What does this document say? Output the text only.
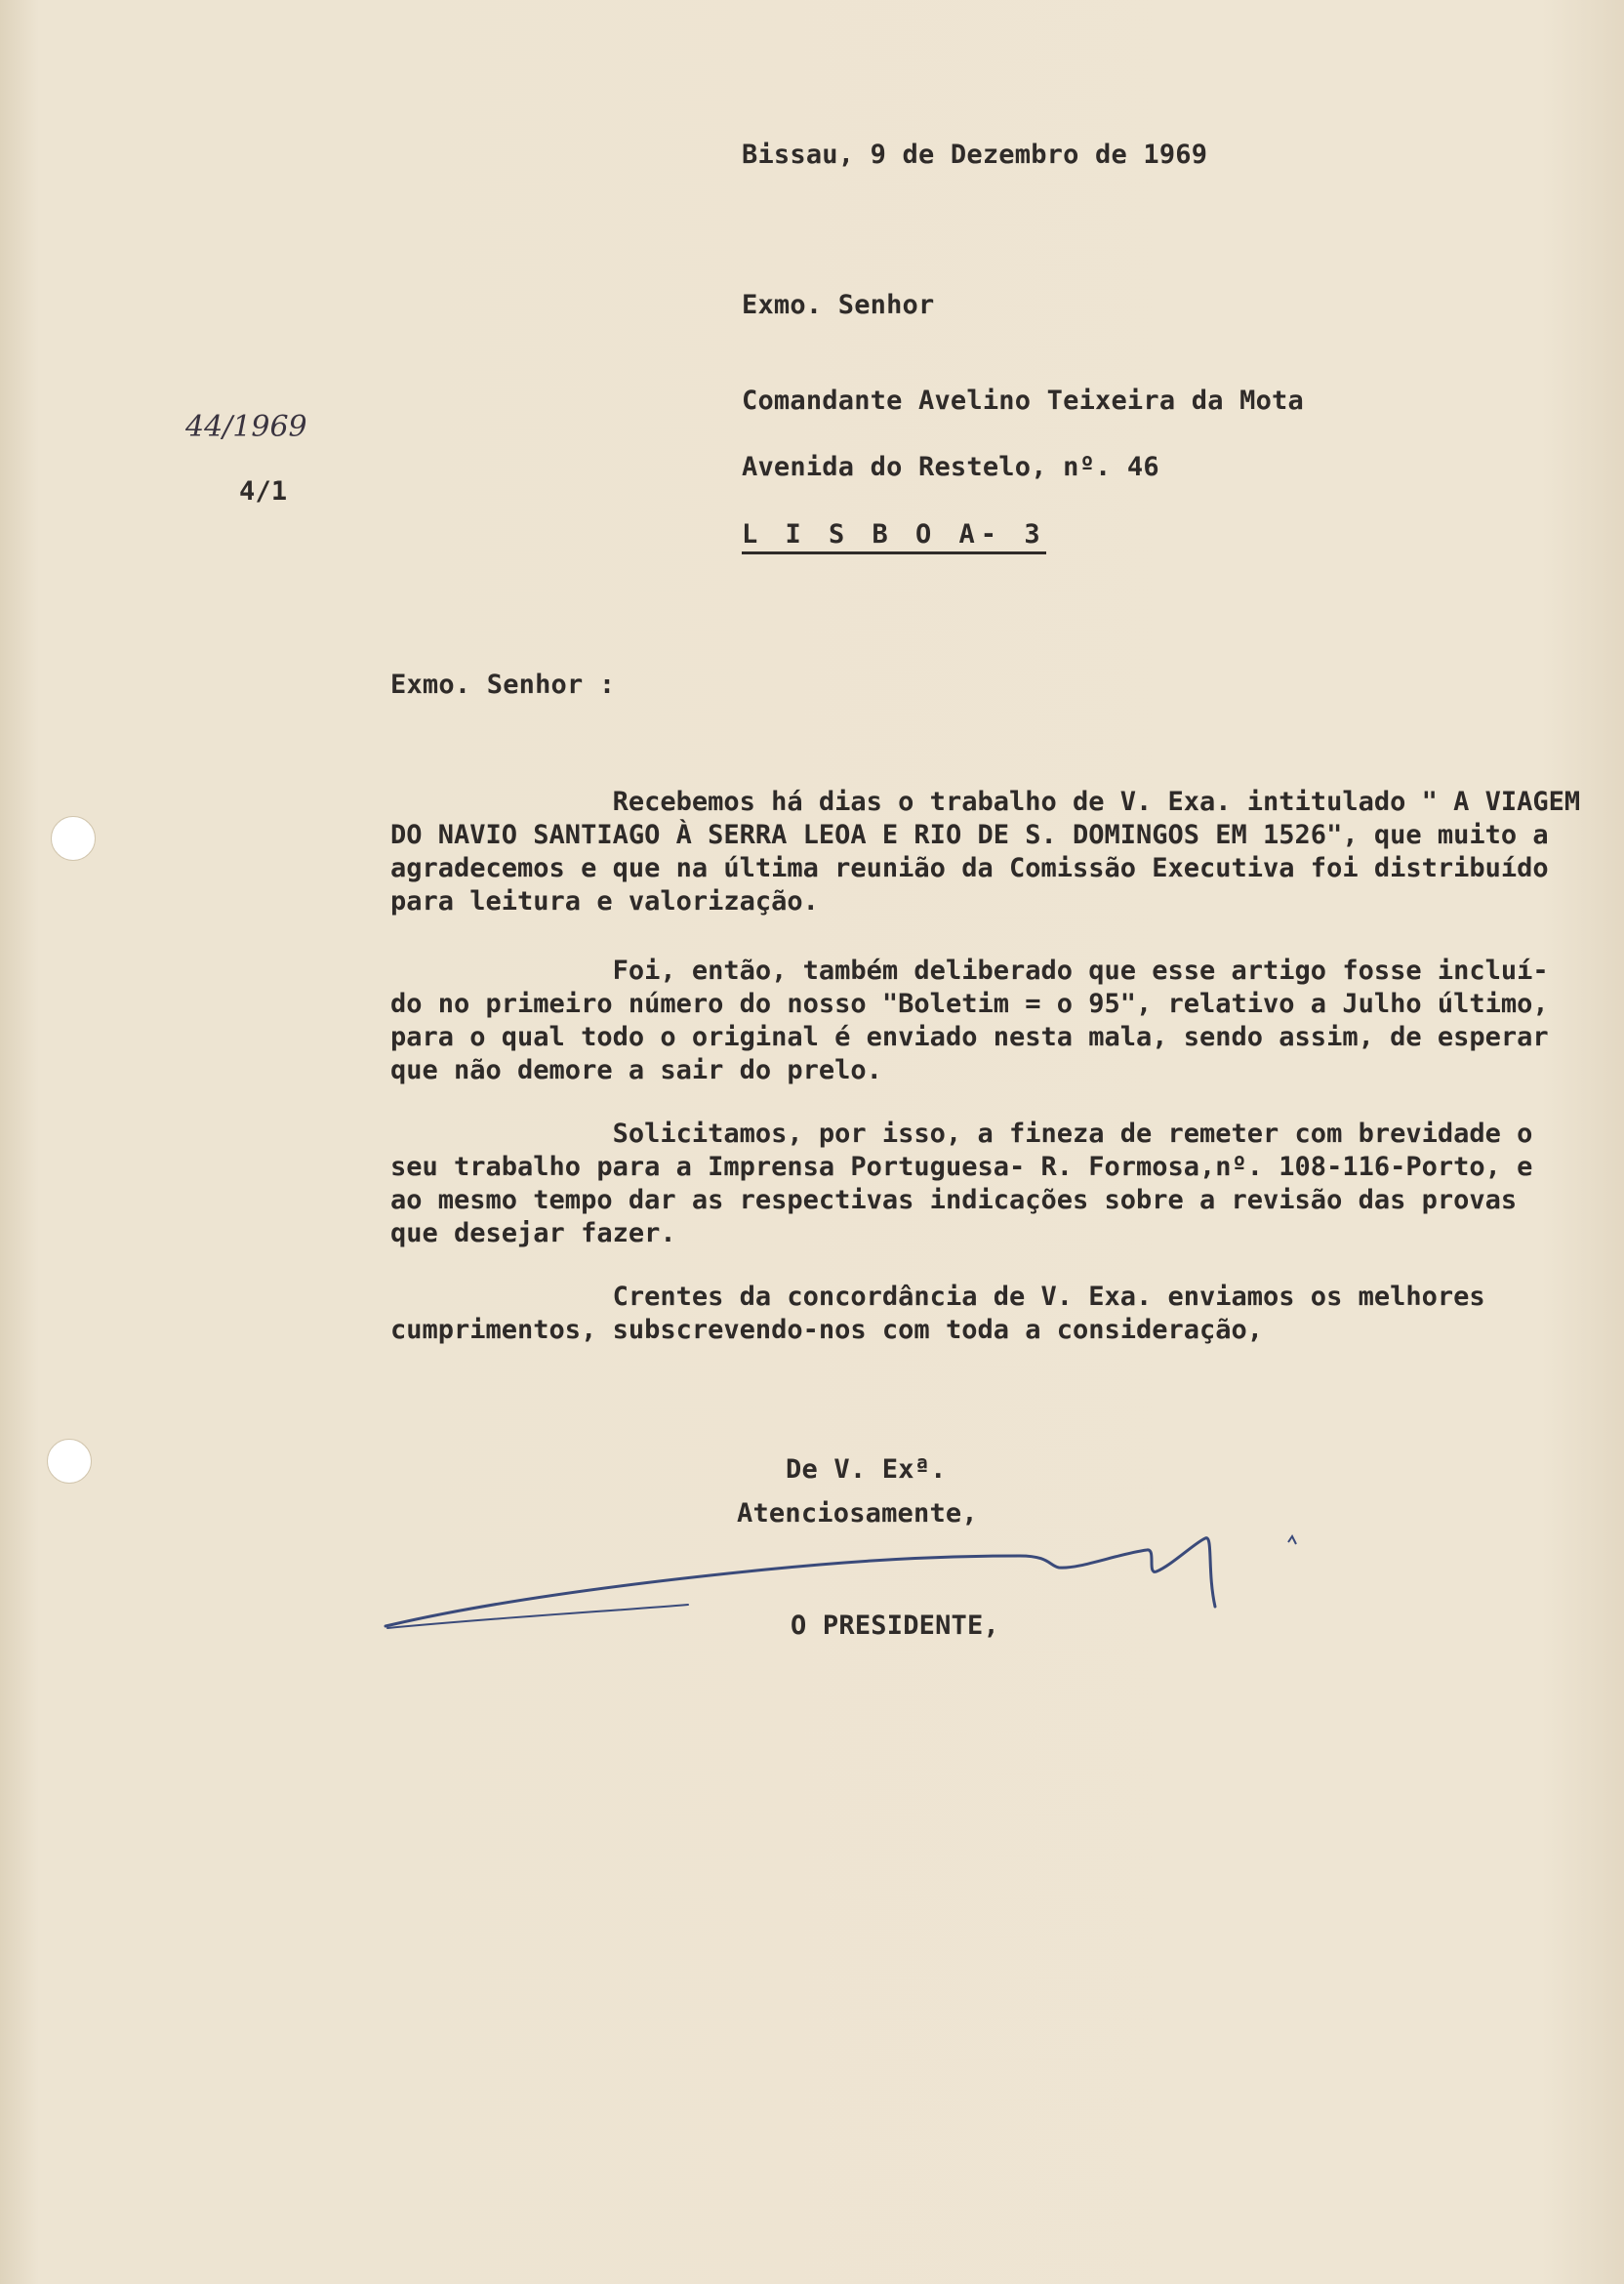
Bissau, 9 de Dezembro de 1969
Exmo. Senhor
Comandante Avelino Teixeira da Mota
Avenida do Restelo, nº. 46
L I S B O A- 3
44/1969
4/1
Exmo. Senhor :
Recebemos há dias o trabalho de V. Exa. intitulado " A VIAGEM
DO NAVIO SANTIAGO À SERRA LEOA E RIO DE S. DOMINGOS EM 1526", que muito a
agradecemos e que na última reunião da Comissão Executiva foi distribuído
para leitura e valorização.
Foi, então, também deliberado que esse artigo fosse incluí-
do no primeiro número do nosso "Boletim = o 95", relativo a Julho último,
para o qual todo o original é enviado nesta mala, sendo assim, de esperar
que não demore a sair do prelo.
Solicitamos, por isso, a fineza de remeter com brevidade o
seu trabalho para a Imprensa Portuguesa- R. Formosa,nº. 108-116-Porto, e
ao mesmo tempo dar as respectivas indicações sobre a revisão das provas
que desejar fazer.
Crentes da concordância de V. Exa. enviamos os melhores
cumprimentos, subscrevendo-nos com toda a consideração,
De V. Exª.
Atenciosamente,
O PRESIDENTE,
